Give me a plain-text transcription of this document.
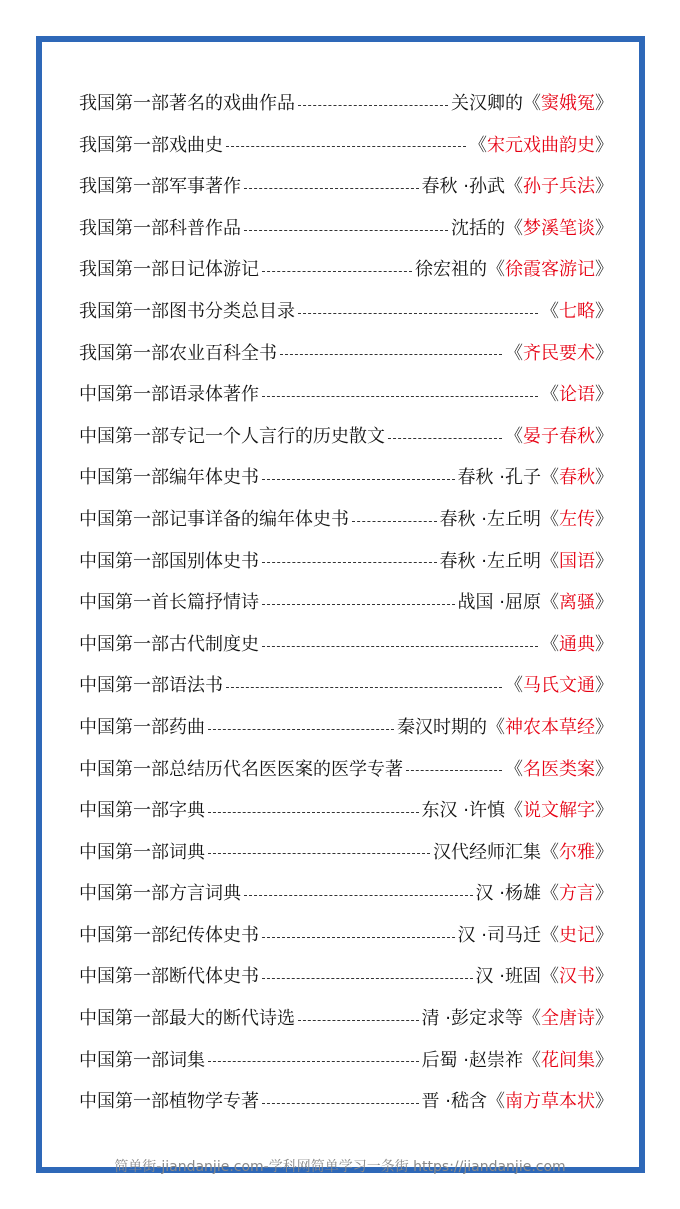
我国第一部著名的戏曲作品	关汉卿的 《窦娥冤》
我国第一部戏曲史	《宋元戏曲韵史》
我国第一部军事著作	春秋 ·孙武 《孙子兵法》
我国第一部科普作品	沈括的 《梦溪笔谈》
我国第一部日记体游记	徐宏祖的 《徐霞客游记》
我国第一部图书分类总目录	《七略》
我国第一部农业百科全书	《齐民要术》
中国第一部语录体著作	《论语》
中国第一部专记一个人言行的历史散文	《晏子春秋》
中国第一部编年体史书	春秋 ·孔子 《春秋》
中国第一部记事详备的编年体史书	春秋 ·左丘明 《左传》
中国第一部国别体史书	春秋 ·左丘明 《国语》
中国第一首长篇抒情诗	战国 ·屈原 《离骚》
中国第一部古代制度史	《通典》
中国第一部语法书	《马氏文通》
中国第一部药曲	秦汉时期的 《神农本草经》
中国第一部总结历代名医医案的医学专著	《名医类案》
中国第一部字典	东汉 ·许慎 《说文解字》
中国第一部词典	汉代经师汇集 《尔雅》
中国第一部方言词典	汉 ·杨雄 《方言》
中国第一部纪传体史书	汉 ·司马迁 《史记》
中国第一部断代体史书	汉 ·班固 《汉书》
中国第一部最大的断代诗选	清 ·彭定求等 《全唐诗》
中国第一部词集	后蜀 ·赵崇祚 《花间集》
中国第一部植物学专著	晋 ·嵇含 《南方草本状》
简单街-jiandanjie.com-学科网简单学习一条街 https://jiandanjie.com
